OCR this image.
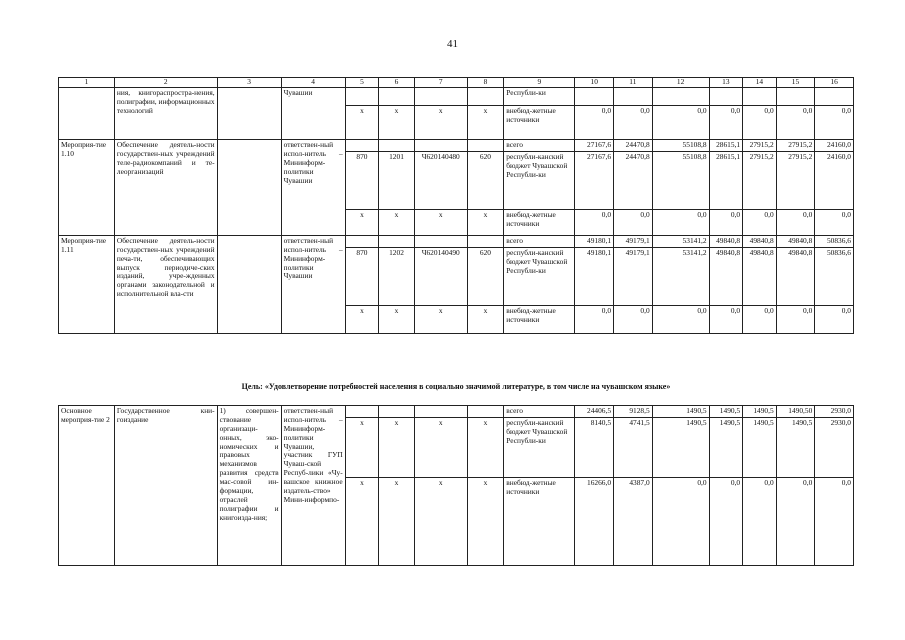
41
1	2	3	4	5	6	7	8	9	10	11	12	13	14	15	16
	ния, книгораспростра-нения, полиграфии, информационных технологий		Чувашии					Республи-ки							
				х	х	х	х	внебюд-жетные источники	0,0	0,0	0,0	0,0	0,0	0,0	0,0
Мероприя-тие 1.10	Обеспечение деятель-ности государствен-ных учреждений теле-радиокомпаний и те-леорганизаций		ответствен-ный испол-нитель – Мининформ-политики Чувашии					всего	27167,6	24470,8	55108,8	28615,1	27915,2	27915,2	24160,0
				870	1201	Ч620140480	620	республи-канский бюджет Чувашской Республи-ки	27167,6	24470,8	55108,8	28615,1	27915,2	27915,2	24160,0
				х	х	х	х	внебюд-жетные источники	0,0	0,0	0,0	0,0	0,0	0,0	0,0
Мероприя-тие 1.11	Обеспечение деятель-ности государствен-ных учреждений печа-ти, обеспечивающих выпуск периодиче-ских изданий, учре-жденных органами законодательной и исполнительной вла-сти		ответствен-ный испол-нитель – Мининформ-политики Чувашии					всего	49180,1	49179,1	53141,2	49840,8	49840,8	49840,8	50836,6
				870	1202	Ч620140490	620	республи-канский бюджет Чувашской Республи-ки	49180,1	49179,1	53141,2	49840,8	49840,8	49840,8	50836,6
				х	х	х	х	внебюд-жетные источники	0,0	0,0	0,0	0,0	0,0	0,0	0,0
Цель: «Удовлетворение потребностей населения в социально значимой литературе, в том числе на чувашском языке»
Основное мероприя-тие 2	Государственное кни-гоиздание	1) совершен-ствование организаци-онных, эко-номических и правовых механизмов развития средств мас-совой ин-формации, отраслей полиграфии и книгоизда-ния;	ответствен-ный испол-нитель – Мининформ-политики Чувашии, участник ГУП Чуваш-ской Респуб-лики «Чу-вашское книжное издатель-ство» Мини-информпо-					всего	24406,5	9128,5	1490,5	1490,5	1490,5	1490,50	2930,0
				х	х	х	х	республи-канский бюджет Чувашской Республи-ки	8140,5	4741,5	1490,5	1490,5	1490,5	1490,5	2930,0
				х	х	х	х	внебюд-жетные источники	16266,0	4387,0	0,0	0,0	0,0	0,0	0,0
